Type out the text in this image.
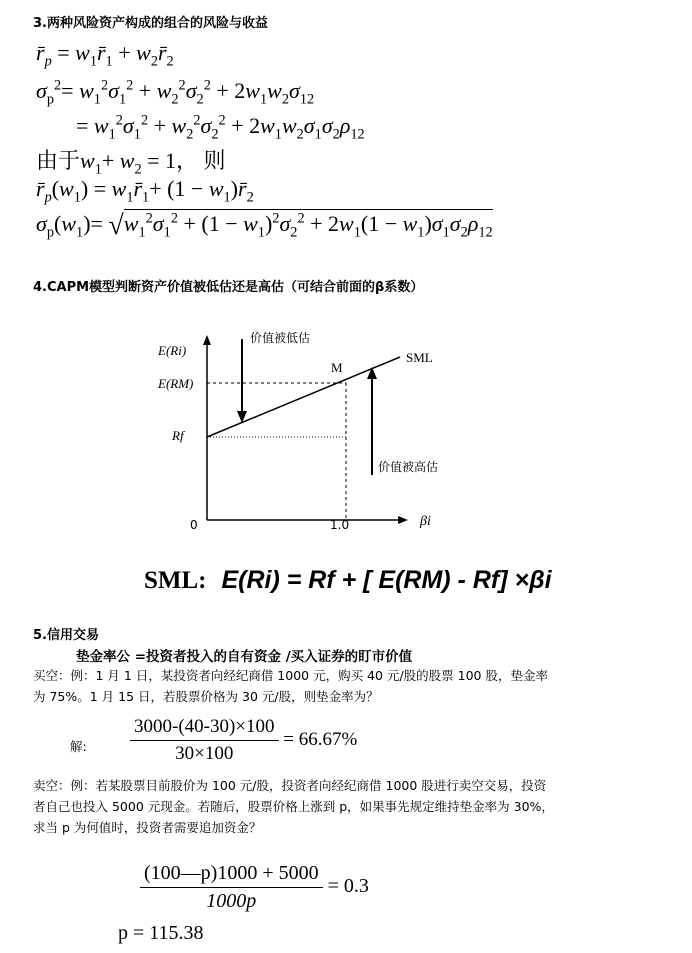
3.两种风险资产构成的组合的风险与收益
r̄p = w1r̄1 + w2r̄2
$r̄_p$ = $w_1r̄_1$ + $w_2r̄_2$
σp² = w1²σ1² + w2²σ2² + 2w1w2σ12
$\sigma_p^2= w_1^2\sigma_1^2 + w_2^2\sigma_2^2 + 2w_1w_2\sigma_{12}$
= w1²σ1² + w2²σ2² + 2w1w2σ1σ2ρ12
= $w_1^2\sigma_1^2 + w_2^2\sigma_2^2 + 2w_1w_2\sigma_1\sigma_2\rho_{12}$
由于w1 + w2 = 1，则
由于$w_1+ w_2 = 1$， 则
r̄p(w1) = w1r̄1 + (1 − w1)r̄2
$r̄_p(w_1)$ = $w_1r̄_1+ (1$ − $w_1)r̄_2$
σp(w1) = √(w1²σ1² + (1 − w1)²σ2² + 2w1(1 − w1)σ1σ2ρ12)
$\sigma_p(w_1)= √w_1^2\sigma_1^2 + (1 - w_1)^2\sigma_2^2 + 2w_1(1 - w_1)\sigma_1\sigma_2\rho_{12}$
4.CAPM模型判断资产价值被低估还是高估（可结合前面的β系数）
E(Ri)
E(RM)
Rf
价值被低估
M
SML
价值被高估
0	1.0	βi
SML: E(Ri) = Rf + [ E(RM) - Rf] ×βi
5.信用交易
垫金率公 =投资者投入的自有资金 /买入证券的盯市价值
买空：例：1 月 1 日，某投资者向经纪商借 1000 元，购买 40 元/股的股票 100 股，垫金率
为 75%。1 月 15 日，若股票价格为 30 元/股，则垫金率为？
解: $\frac{3000-(40-30)\times 100}{30\times 100} = 66.67\%$
卖空：例：若某股票目前股价为 100 元/股，投资者向经纪商借 1000 股进行卖空交易，投资
者自己也投入 5000 元现金。若随后，股票价格上涨到 p，如果事先规定维持垫金率为 30%，
求当 p 为何值时，投资者需要追加资金？
$\frac{(100—p)1000 + 5000}{1000p} = 0.3$
p = 115.38
